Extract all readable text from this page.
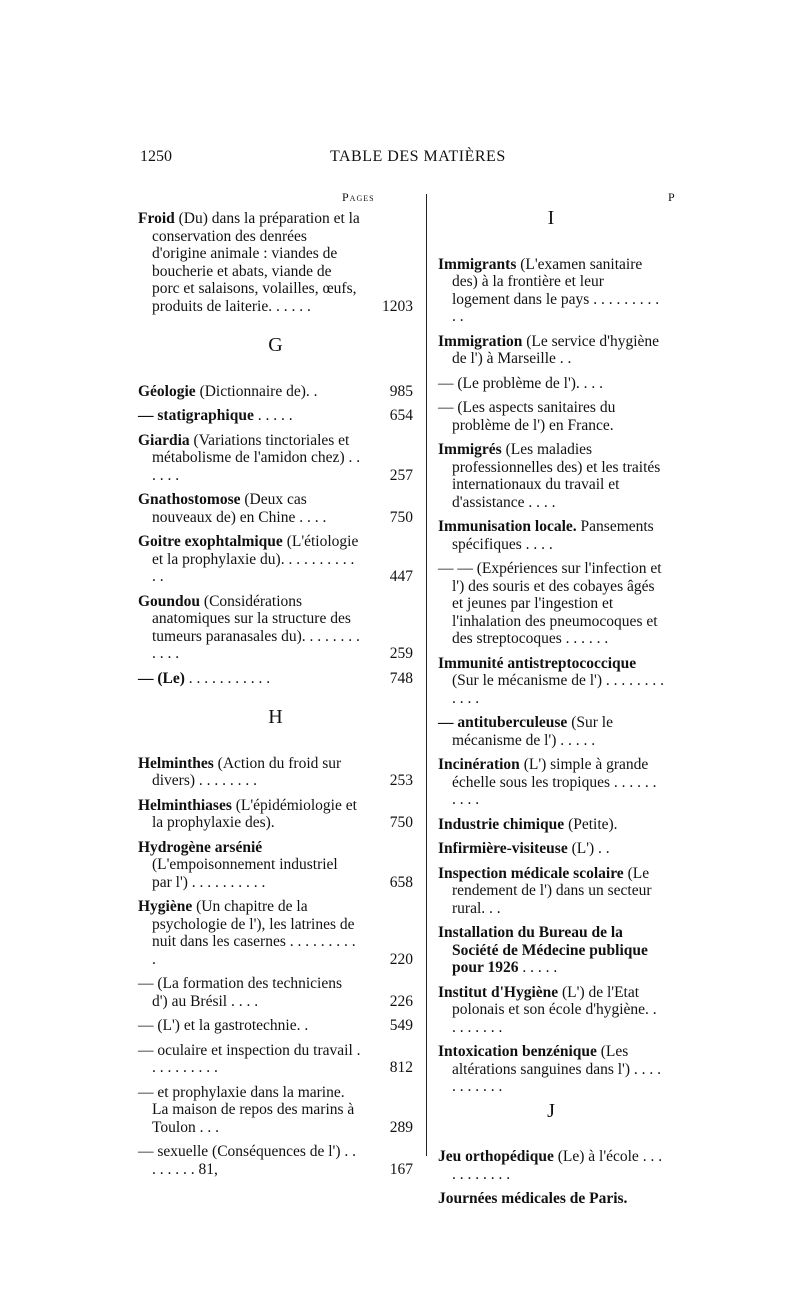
1250	TABLE DES MATIÈRES
Pages	P
Froid (Du) dans la préparation et la conservation des denrées d'origine animale : viandes de boucherie et abats, viande de porc et salaisons, volailles, œufs, produits de laiterie. . . . . .	1203
G
Géologie (Dictionnaire de). .	985
— statigraphique . . . . .	654
Giardia (Variations tinctoriales et métabolisme de l'amidon chez) . . . . . .	257
Gnathostomose (Deux cas nouveaux de) en Chine . . . .	750
Goitre exophtalmique (L'étiologie et la prophylaxie du). . . . . . . . . . . .	447
Goundou (Considérations anatomiques sur la structure des tumeurs paranasales du). . . . . . . . . . . .	259
— (Le) . . . . . . . . . . .	748
H
Helminthes (Action du froid sur divers) . . . . . . . .	253
Helminthiases (L'épidémiologie et la prophylaxie des).	750
Hydrogène arsénié (L'empoisonnement industriel par l') . . . . . . . . . .	658
Hygiène (Un chapitre de la psychologie de l'), les latrines de nuit dans les casernes . . . . . . . . . .	220
— (La formation des techniciens d') au Brésil . . . .	226
— (L') et la gastrotechnie. .	549
— oculaire et inspection du travail . . . . . . . . . .	812
— et prophylaxie dans la marine. La maison de repos des marins à Toulon . . .	289
— sexuelle (Conséquences de l') . . . . . . . . 81,	167
I
Immigrants (L'examen sanitaire des) à la frontière et leur logement dans le pays . . . . . . . . . . .
Immigration (Le service d'hygiène de l') à Marseille . .
— (Le problème de l'). . . .
— (Les aspects sanitaires du problème de l') en France.
Immigrés (Les maladies professionnelles des) et les traités internationaux du travail et d'assistance . . . .
Immunisation locale. Pansements spécifiques . . . .
— — (Expériences sur l'infection et l') des souris et des cobayes âgés et jeunes par l'ingestion et l'inhalation des pneumocoques et des streptocoques . . . . . .
Immunité antistreptococcique (Sur le mécanisme de l') . . . . . . . . . . . .
— antituberculeuse (Sur le mécanisme de l') . . . . .
Incinération (L') simple à grande échelle sous les tropiques . . . . . . . . . .
Industrie chimique (Petite).
Infirmière-visiteuse (L') . .
Inspection médicale scolaire (Le rendement de l') dans un secteur rural. . .
Installation du Bureau de la Société de Médecine publique pour 1926 . . . . .
Institut d'Hygiène (L') de l'Etat polonais et son école d'hygiène. . . . . . . . .
Intoxication benzénique (Les altérations sanguines dans l') . . . . . . . . . . .
J
Jeu orthopédique (Le) à l'école . . . . . . . . . . .
Journées médicales de Paris.
